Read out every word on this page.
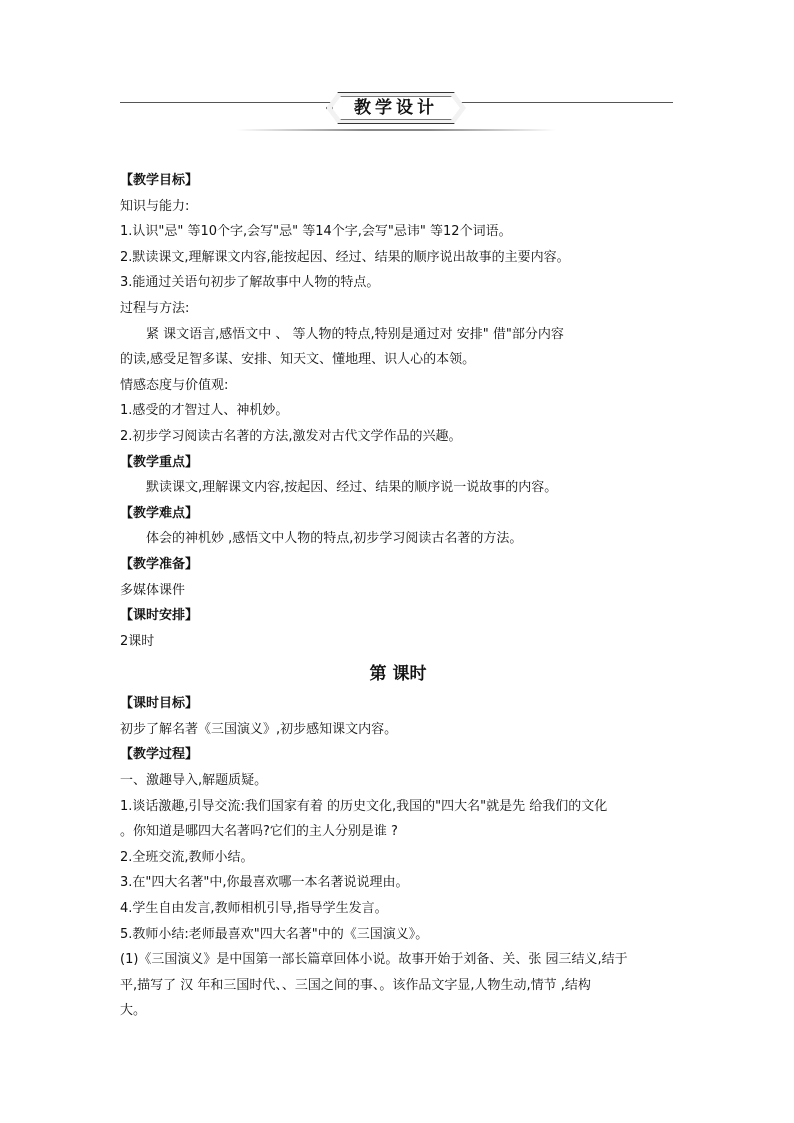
教学设计
【教学目标】
知识与能力:
1.认识"忌" 等10个字,会写"忌" 等14个字,会写"忌讳" 等12个词语。
2.默读课文,理解课文内容,能按起因、经过、结果的顺序说出故事的主要内容。
3.能通过关语句初步了解故事中人物的特点。
过程与方法:
紧 课文语言,感悟文中 、 等人物的特点,特别是通过对 安排" 借"部分内容
的读,感受足智多谋、安排、知天文、懂地理、识人心的本领。
情感态度与价值观:
1.感受的才智过人、神机妙。
2.初步学习阅读古名著的方法,激发对古代文学作品的兴趣。
【教学重点】
默读课文,理解课文内容,按起因、经过、结果的顺序说一说故事的内容。
【教学难点】
体会的神机妙 ,感悟文中人物的特点,初步学习阅读古名著的方法。
【教学准备】
多媒体课件
【课时安排】
2课时
第 课时
【课时目标】
初步了解名著《三国演义》,初步感知课文内容。
【教学过程】
一、激趣导入,解题质疑。
1.谈话激趣,引导交流:我们国家有着 的历史文化,我国的"四大名"就是先 给我们的文化
。你知道是哪四大名著吗?它们的主人分别是谁 ?
2.全班交流,教师小结。
3.在"四大名著"中,你最喜欢哪一本名著说说理由。
4.学生自由发言,教师相机引导,指导学生发言。
5.教师小结:老师最喜欢"四大名著"中的《三国演义》。
(1)《三国演义》是中国第一部长篇章回体小说。故事开始于刘备、关、张 园三结义,结于
平,描写了 汉 年和三国时代、、三国之间的事、。该作品文字显,人物生动,情节 ,结构
大。
